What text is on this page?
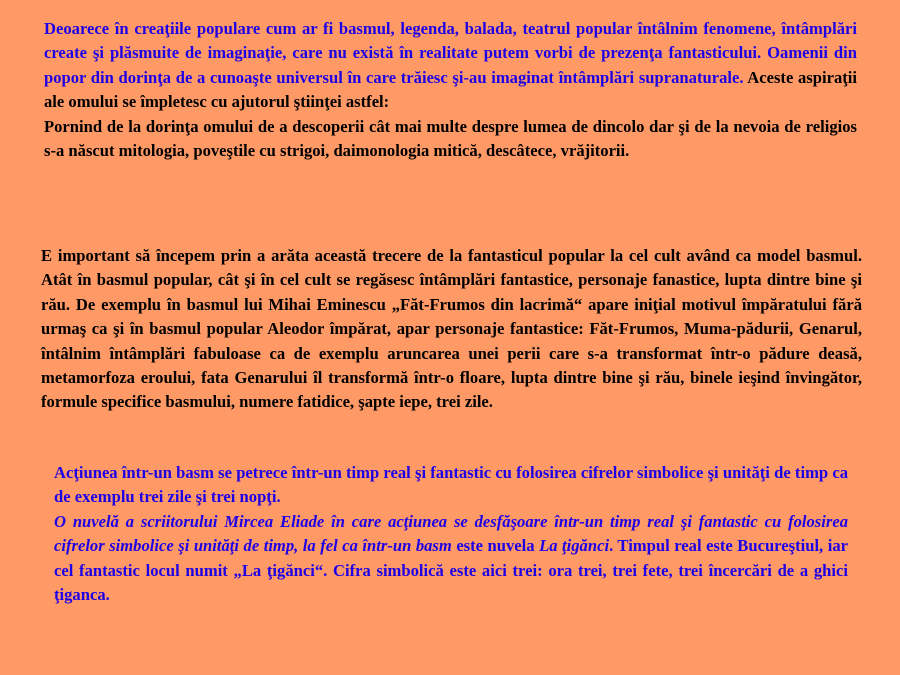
Deoarece în creaţiile populare cum ar fi basmul, legenda, balada, teatrul popular întâlnim fenomene, întâmplări create şi plăsmuite de imaginaţie, care nu există în realitate putem vorbi de prezenţa fantasticului. Oamenii din popor din dorinţa de a cunoaşte universul în care trăiesc şi-au imaginat întâmplări supranaturale. Aceste aspiraţii ale omului se împletesc cu ajutorul ştiinţei astfel:

Pornind de la dorinţa omului de a descoperii cât mai multe despre lumea de dincolo dar şi de la nevoia de religios s-a născut mitologia, poveştile cu strigoi, daimonologia mitică, descâtece, vrăjitorii.

E important să începem prin a arăta această trecere de la fantasticul popular la cel cult având ca model basmul. Atât în basmul popular, cât şi în cel cult se regăsesc întâmplări fantastice, personaje fanastice, lupta dintre bine şi rău. De exemplu în basmul lui Mihai Eminescu „Făt-Frumos din lacrimă“ apare iniţial motivul împăratului fără urmaş ca şi în basmul popular Aleodor împărat, apar personaje fantastice: Făt-Frumos, Muma-pădurii, Genarul, întâlnim întâmplări fabuloase ca de exemplu aruncarea unei perii care s-a transformat într-o pădure deasă, metamorfoza eroului, fata Genarului îl transformă într-o floare, lupta dintre bine şi rău, binele ieşind învingător, formule specifice basmului, numere fatidice, şapte iepe, trei zile.

Acţiunea într-un basm se petrece într-un timp real şi fantastic cu folosirea cifrelor simbolice şi unităţi de timp ca de exemplu trei zile şi trei nopţi.

O nuvelă a scriitorului Mircea Eliade în care acţiunea se desfăşoare într-un timp real şi fantastic cu folosirea cifrelor simbolice şi unităţi de timp, la fel ca într-un basm este nuvela La ţigănci. Timpul real este Bucureştiul, iar cel fantastic locul numit „La ţigănci“. Cifra simbolică este aici trei: ora trei, trei fete, trei încercări de a ghici ţiganca.
